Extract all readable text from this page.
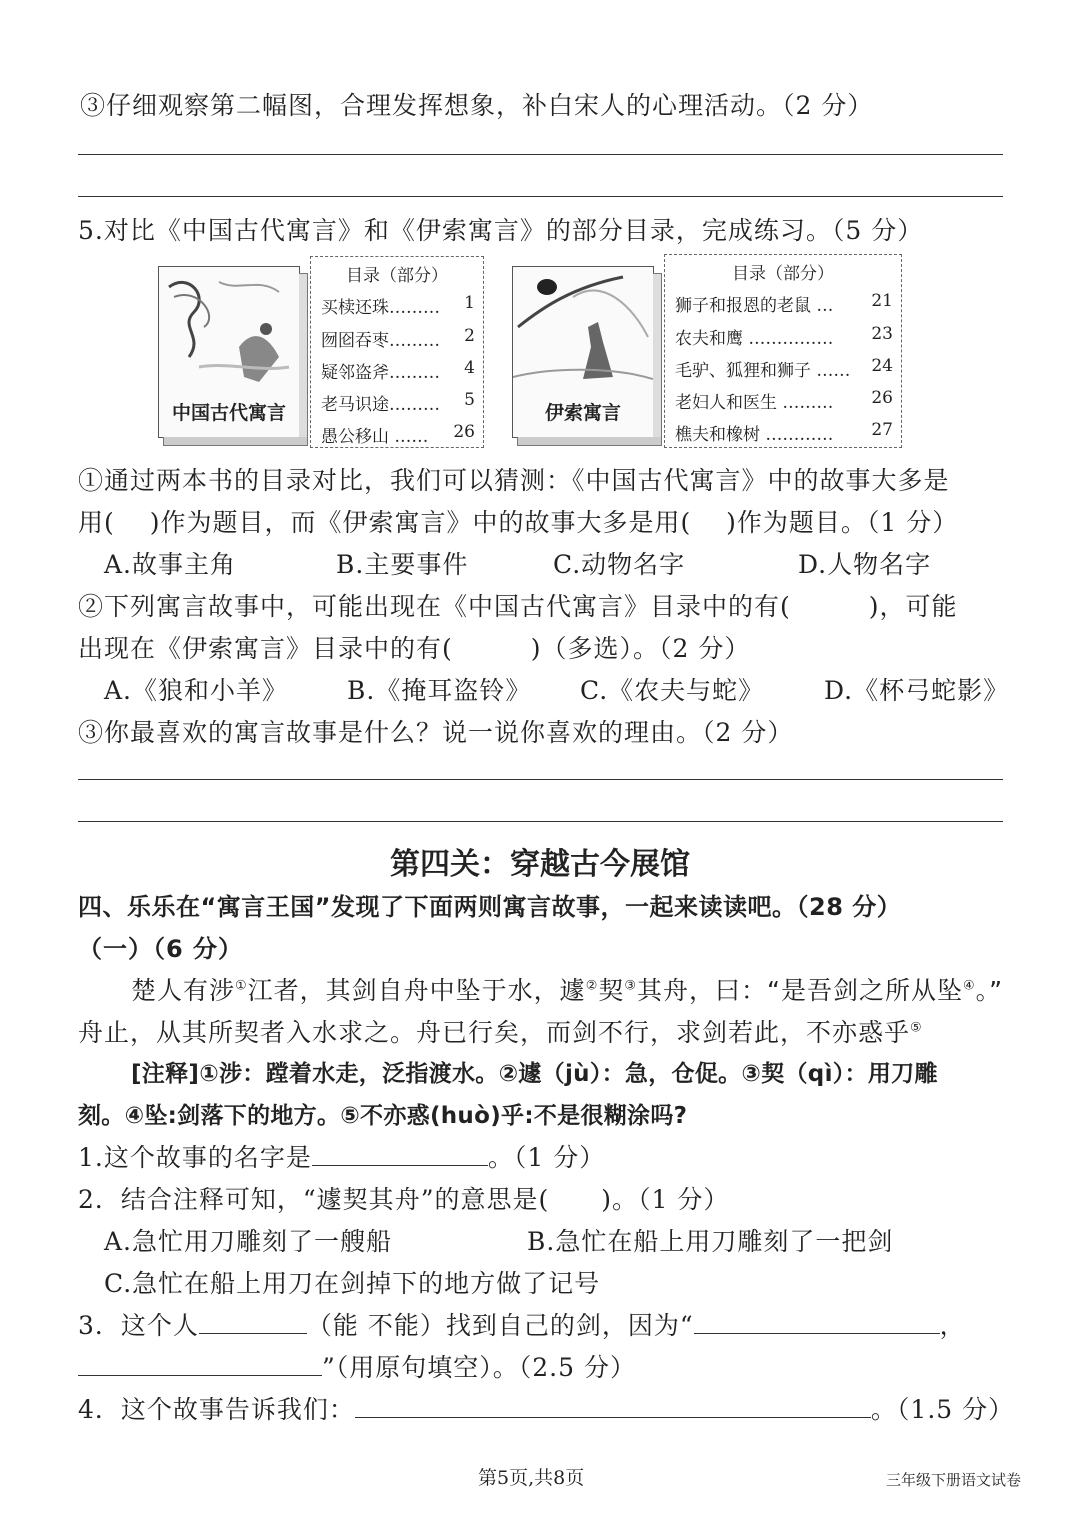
③仔细观察第二幅图，合理发挥想象，补白宋人的心理活动。（2 分）
5.对比《中国古代寓言》和《伊索寓言》的部分目录，完成练习。（5 分）
中国古代寓言
目录（部分）
买椟还珠……… 1
囫囵吞枣……… 2
疑邻盗斧……… 4
老马识途……… 5
愚公移山 …… 26
伊索寓言
目录（部分）
狮子和报恩的老鼠 … 21
农夫和鹰 …………… 23
毛驴、狐狸和狮子 …… 24
老妇人和医生 ……… 26
樵夫和橡树 ………… 27
①通过两本书的目录对比，我们可以猜测：《中国古代寓言》中的故事大多是
用(　 )作为题目，而《伊索寓言》中的故事大多是用(　 )作为题目。（1 分）
A.故事主角	B.主要事件	C.动物名字	D.人物名字
②下列寓言故事中，可能出现在《中国古代寓言》目录中的有(　　　)，可能
出现在《伊索寓言》目录中的有(　　　)（多选）。（2 分）
A.《狼和小羊》 B.《掩耳盗铃》 C.《农夫与蛇》 D.《杯弓蛇影》
③你最喜欢的寓言故事是什么？说一说你喜欢的理由。（2 分）
第四关：穿越古今展馆
四、乐乐在“寓言王国”发现了下面两则寓言故事，一起来读读吧。（28 分）
（一）（6 分）
楚人有涉①江者，其剑自舟中坠于水，遽②契③其舟，曰：“是吾剑之所从坠④。”
舟止，从其所契者入水求之。舟已行矣，而剑不行，求剑若此，不亦惑乎⑤
[注释]①涉：蹚着水走，泛指渡水。②遽（jù）：急，仓促。③契（qì）：用刀雕
刻。④坠:剑落下的地方。⑤不亦惑(huò)乎:不是很糊涂吗?
1.这个故事的名字是	。（1 分）
2．结合注释可知，“遽契其舟”的意思是(　　)。（1 分）
A.急忙用刀雕刻了一艘船	B.急忙在船上用刀雕刻了一把剑
C.急忙在船上用刀在剑掉下的地方做了记号
3．这个人	（能 不能）找到自己的剑，因为“	，
”（用原句填空）。（2.5 分）
4．这个故事告诉我们：	。（1.5 分）
第5页,共8页	三年级下册语文试卷
